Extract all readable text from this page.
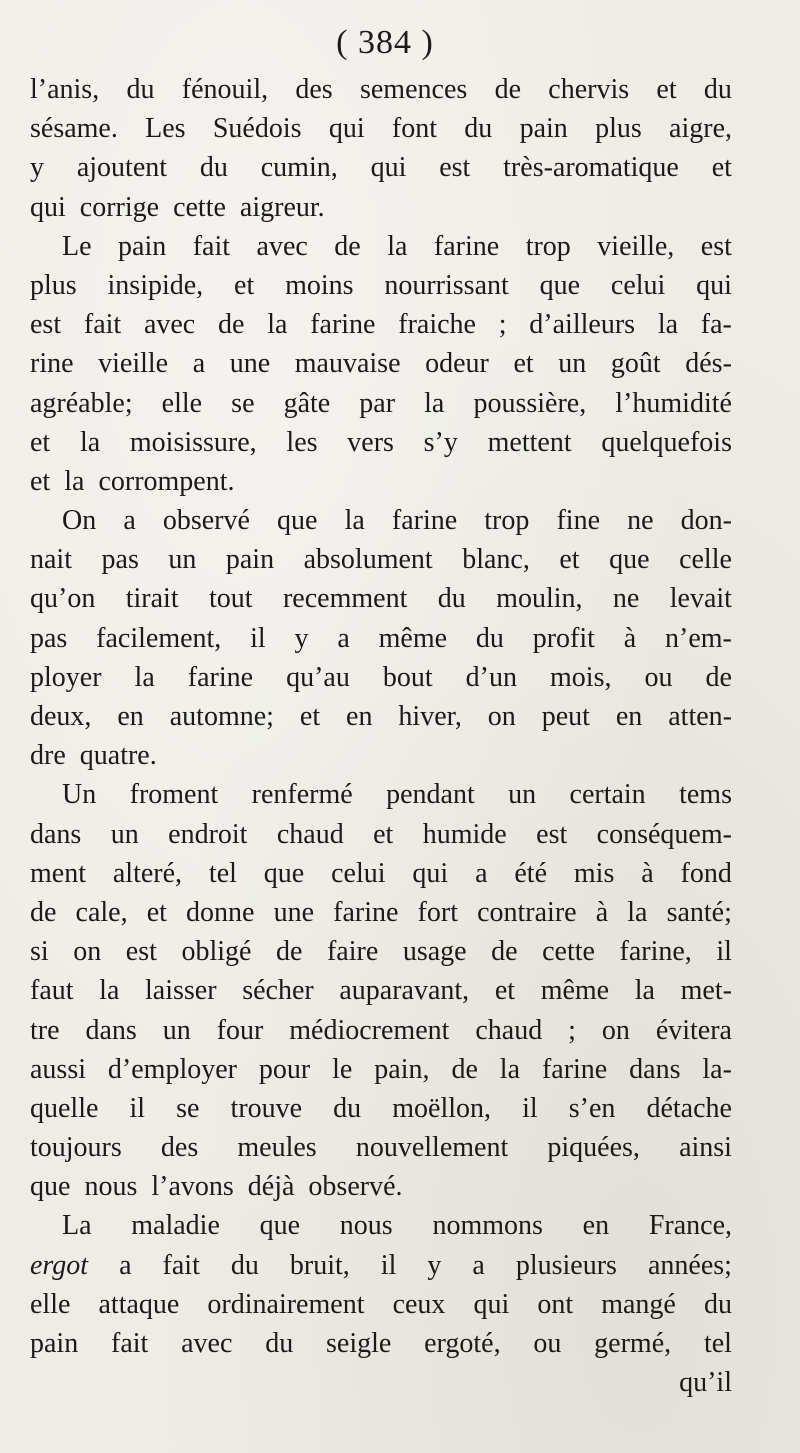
( 384 )
l’anis, du fénouil, des semences de chervis et du
sésame. Les Suédois qui font du pain plus aigre,
y ajoutent du cumin, qui est très-aromatique et
qui corrige cette aigreur.
Le pain fait avec de la farine trop vieille, est
plus insipide, et moins nourrissant que celui qui
est fait avec de la farine fraiche ; d’ailleurs la fa-
rine vieille a une mauvaise odeur et un goût dés-
agréable; elle se gâte par la poussière, l’humidité
et la moisissure, les vers s’y mettent quelquefois
et la corrompent.
On a observé que la farine trop fine ne don-
nait pas un pain absolument blanc, et que celle
qu’on tirait tout recemment du moulin, ne levait
pas facilement, il y a même du profit à n’em-
ployer la farine qu’au bout d’un mois, ou de
deux, en automne; et en hiver, on peut en atten-
dre quatre.
Un froment renfermé pendant un certain tems
dans un endroit chaud et humide est conséquem-
ment alteré, tel que celui qui a été mis à fond
de cale, et donne une farine fort contraire à la santé;
si on est obligé de faire usage de cette farine, il
faut la laisser sécher auparavant, et même la met-
tre dans un four médiocrement chaud ; on évitera
aussi d’employer pour le pain, de la farine dans la-
quelle il se trouve du moëllon, il s’en détache
toujours des meules nouvellement piquées, ainsi
que nous l’avons déjà observé.
La maladie que nous nommons en France,
ergot a fait du bruit, il y a plusieurs années;
elle attaque ordinairement ceux qui ont mangé du
pain fait avec du seigle ergoté, ou germé, tel
qu’il
